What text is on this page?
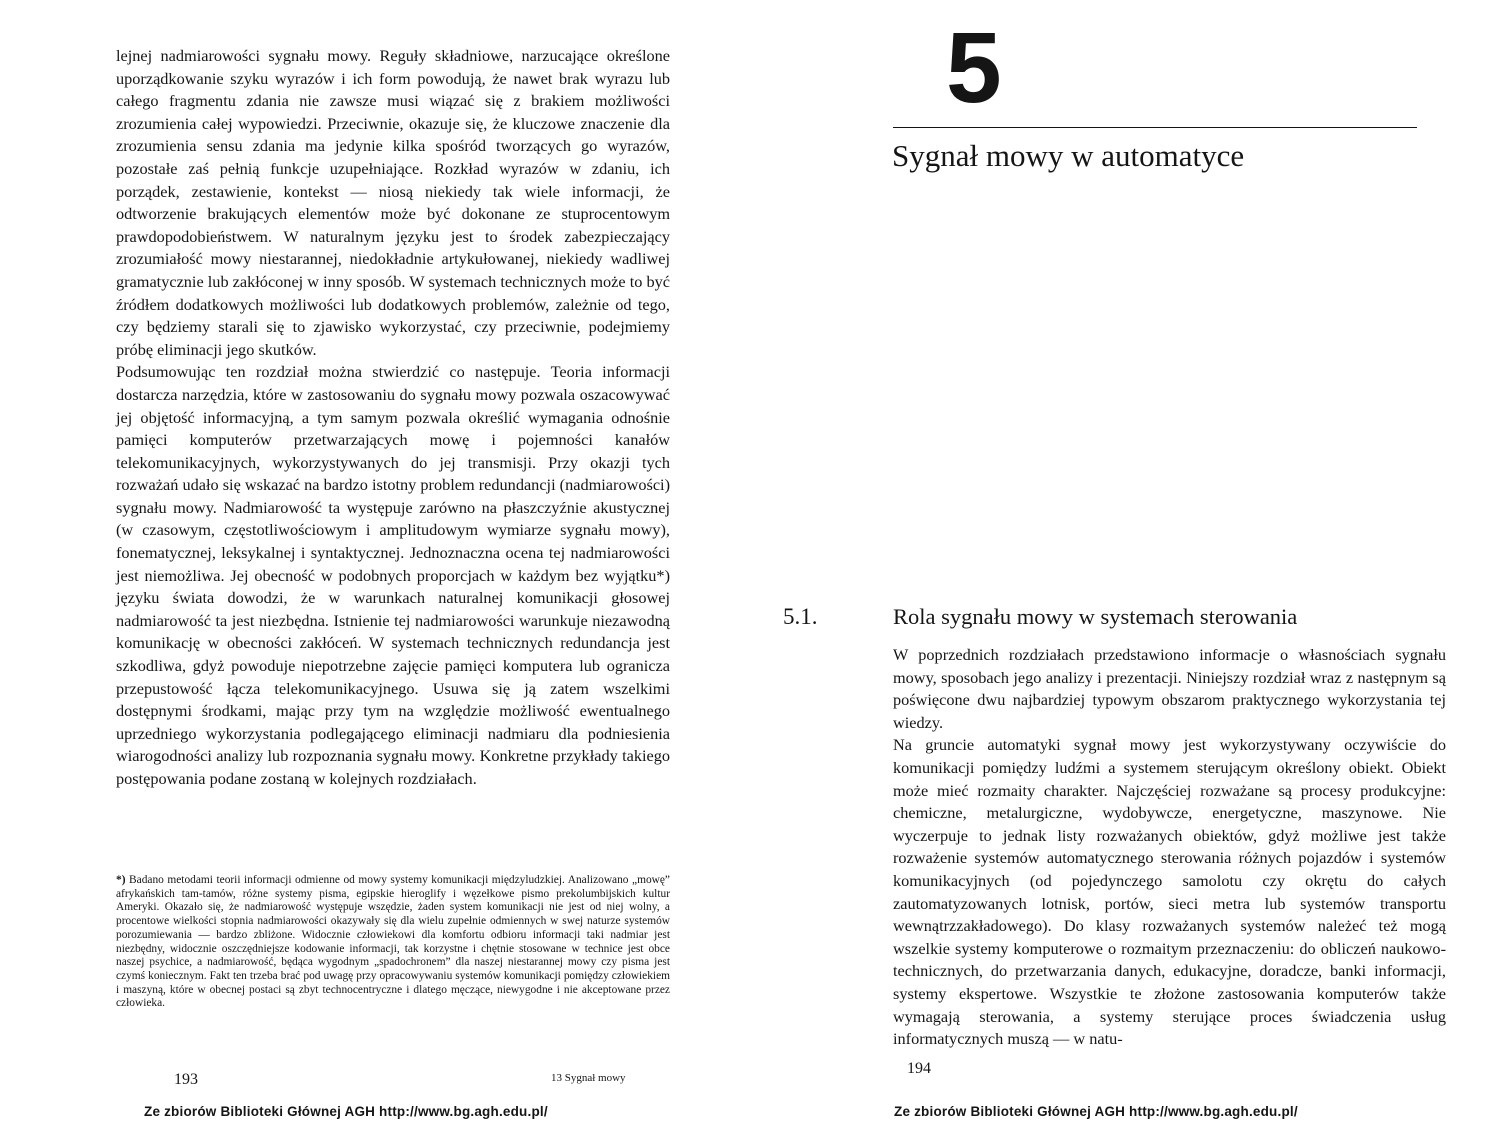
lejnej nadmiarowości sygnału mowy. Reguły składniowe, narzucające określone uporządkowanie szyku wyrazów i ich form powodują, że nawet brak wyrazu lub całego fragmentu zdania nie zawsze musi wiązać się z brakiem możliwości zrozumienia całej wypowiedzi. Przeciwnie, okazuje się, że kluczowe znaczenie dla zrozumienia sensu zdania ma jedynie kilka spośród tworzących go wyrazów, pozostałe zaś pełnią funkcje uzupełniające. Rozkład wyrazów w zdaniu, ich porządek, zestawienie, kontekst — niosą niekiedy tak wiele informacji, że odtworzenie brakujących elementów może być dokonane ze stuprocentowym prawdopodobieństwem. W naturalnym języku jest to środek zabezpieczający zrozumiałość mowy niestarannej, niedokładnie artykułowanej, niekiedy wadliwej gramatycznie lub zakłóconej w inny sposób. W systemach technicznych może to być źródłem dodatkowych możliwości lub dodatkowych problemów, zależnie od tego, czy będziemy starali się to zjawisko wykorzystać, czy przeciwnie, podejmiemy próbę eliminacji jego skutków.

Podsumowując ten rozdział można stwierdzić co następuje. Teoria informacji dostarcza narzędzia, które w zastosowaniu do sygnału mowy pozwala oszacowywać jej objętość informacyjną, a tym samym pozwala określić wymagania odnośnie pamięci komputerów przetwarzających mowę i pojemności kanałów telekomunikacyjnych, wykorzystywanych do jej transmisji. Przy okazji tych rozważań udało się wskazać na bardzo istotny problem redundancji (nadmiarowości) sygnału mowy. Nadmiarowość ta występuje zarówno na płaszczyźnie akustycznej (w czasowym, częstotliwościowym i amplitudowym wymiarze sygnału mowy), fonematycznej, leksykalnej i syntaktycznej. Jednoznaczna ocena tej nadmiarowości jest niemożliwa. Jej obecność w podobnych proporcjach w każdym bez wyjątku*) języku świata dowodzi, że w warunkach naturalnej komunikacji głosowej nadmiarowość ta jest niezbędna. Istnienie tej nadmiarowości warunkuje niezawodną komunikację w obecności zakłóceń. W systemach technicznych redundancja jest szkodliwa, gdyż powoduje niepotrzebne zajęcie pamięci komputera lub ogranicza przepustowość łącza telekomunikacyjnego. Usuwa się ją zatem wszelkimi dostępnymi środkami, mając przy tym na względzie możliwość ewentualnego uprzedniego wykorzystania podlegającego eliminacji nadmiaru dla podniesienia wiarogodności analizy lub rozpoznania sygnału mowy. Konkretne przykłady takiego postępowania podane zostaną w kolejnych rozdziałach.

*) Badano metodami teorii informacji odmienne od mowy systemy komunikacji międzyludzkiej. Analizowano „mowę” afrykańskich tam-tamów, różne systemy pisma, egipskie hieroglify i węzełkowe pismo prekolumbijskich kultur Ameryki. Okazało się, że nadmiarowość występuje wszędzie, żaden system komunikacji nie jest od niej wolny, a procentowe wielkości stopnia nadmiarowości okazywały się dla wielu zupełnie odmiennych w swej naturze systemów porozumiewania — bardzo zbliżone. Widocznie człowiekowi dla komfortu odbioru informacji taki nadmiar jest niezbędny, widocznie oszczędniejsze kodowanie informacji, tak korzystne i chętnie stosowane w technice jest obce naszej psychice, a nadmiarowość, będąca wygodnym „spadochronem” dla naszej niestarannej mowy czy pisma jest czymś koniecznym. Fakt ten trzeba brać pod uwagę przy opracowywaniu systemów komunikacji pomiędzy człowiekiem i maszyną, które w obecnej postaci są zbyt technocentryczne i dlatego męczące, niewygodne i nie akceptowane przez człowieka.

193	13 Sygnał mowy
Ze zbiorów Biblioteki Głównej AGH http://www.bg.agh.edu.pl/
5
Sygnał mowy w automatyce
5.1.	Rola sygnału mowy w systemach sterowania

W poprzednich rozdziałach przedstawiono informacje o własnościach sygnału mowy, sposobach jego analizy i prezentacji. Niniejszy rozdział wraz z następnym są poświęcone dwu najbardziej typowym obszarom praktycznego wykorzystania tej wiedzy.

Na gruncie automatyki sygnał mowy jest wykorzystywany oczywiście do komunikacji pomiędzy ludźmi a systemem sterującym określony obiekt. Obiekt może mieć rozmaity charakter. Najczęściej rozważane są procesy produkcyjne: chemiczne, metalurgiczne, wydobywcze, energetyczne, maszynowe. Nie wyczerpuje to jednak listy rozważanych obiektów, gdyż możliwe jest także rozważenie systemów automatycznego sterowania różnych pojazdów i systemów komunikacyjnych (od pojedynczego samolotu czy okrętu do całych zautomatyzowanych lotnisk, portów, sieci metra lub systemów transportu wewnątrzzakładowego). Do klasy rozważanych systemów należeć też mogą wszelkie systemy komputerowe o rozmaitym przeznaczeniu: do obliczeń naukowo-technicznych, do przetwarzania danych, edukacyjne, doradcze, banki informacji, systemy ekspertowe. Wszystkie te złożone zastosowania komputerów także wymagają sterowania, a systemy sterujące proces świadczenia usług informatycznych muszą — w natu-

194
Ze zbiorów Biblioteki Głównej AGH http://www.bg.agh.edu.pl/
